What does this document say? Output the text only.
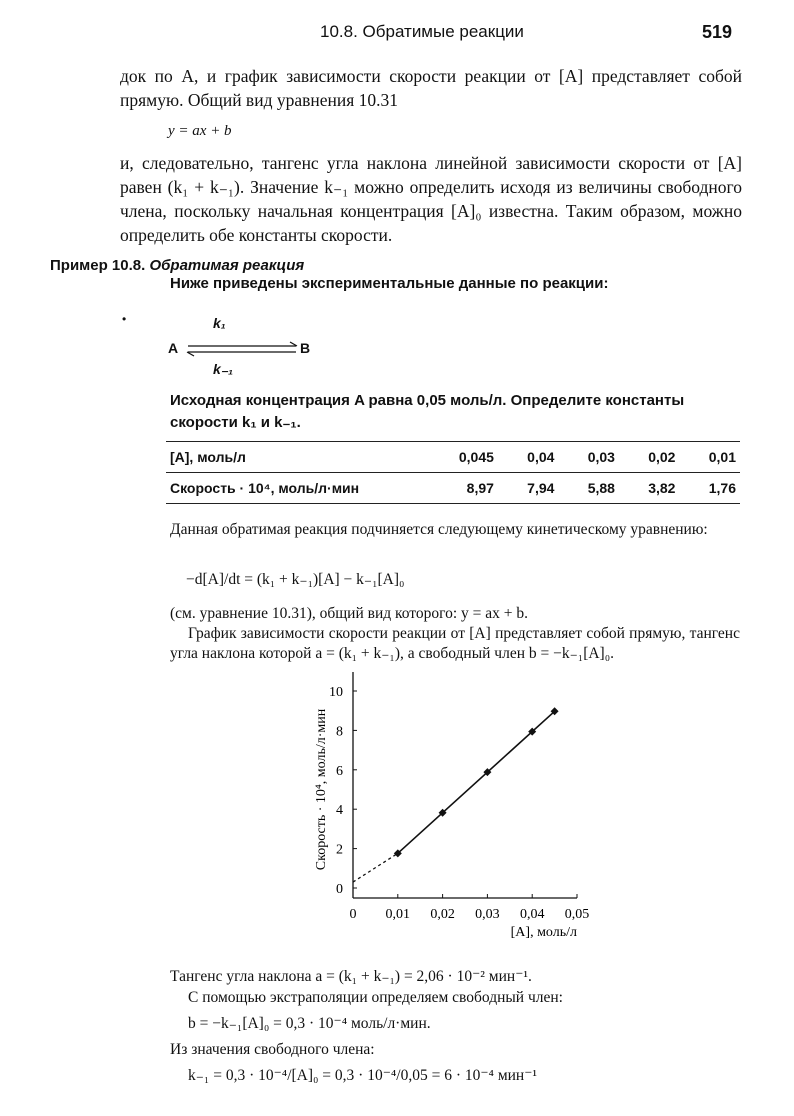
10.8. Обратимые реакции	519
док по A, и график зависимости скорости реакции от [A] представляет собой прямую. Общий вид уравнения 10.31
y = ax + b
и, следовательно, тангенс угла наклона линейной зависимости скорости от [A] равен (k₁ + k₋₁). Значение k₋₁ можно определить исходя из величины свободного члена, поскольку начальная концентрация [A]₀ известна. Таким образом, можно определить обе константы скорости.
Пример 10.8. Обратимая реакция
Ниже приведены экспериментальные данные по реакции:
•	k₁
A	B
k₋₁
Исходная концентрация A равна 0,05 моль/л. Определите константы скорости k₁ и k₋₁.
[A], моль/л	0,045	0,04	0,03	0,02	0,01
Скорость · 10⁴, моль/л·мин	8,97	7,94	5,88	3,82	1,76
Данная обратимая реакция подчиняется следующему кинетическому уравнению:
−d[A]/dt = (k₁ + k₋₁)[A] − k₋₁[A]₀
(см. уравнение 10.31), общий вид которого: y = ax + b.
График зависимости скорости реакции от [A] представляет собой прямую, тангенс угла наклона которой a = (k₁ + k₋₁), а свободный член b = −k₋₁[A]₀.
0
2
4
6
8
10
0 0,01 0,02 0,03 0,04 0,05
[A], моль/л
Скорость · 10⁴, моль/л·мин
Тангенс угла наклона a = (k₁ + k₋₁) = 2,06 · 10⁻² мин⁻¹.
С помощью экстраполяции определяем свободный член:
b = −k₋₁[A]₀ = 0,3 · 10⁻⁴ моль/л·мин.
Из значения свободного члена:
k₋₁ = 0,3 · 10⁻⁴/[A]₀ = 0,3 · 10⁻⁴/0,05 = 6 · 10⁻⁴ мин⁻¹
